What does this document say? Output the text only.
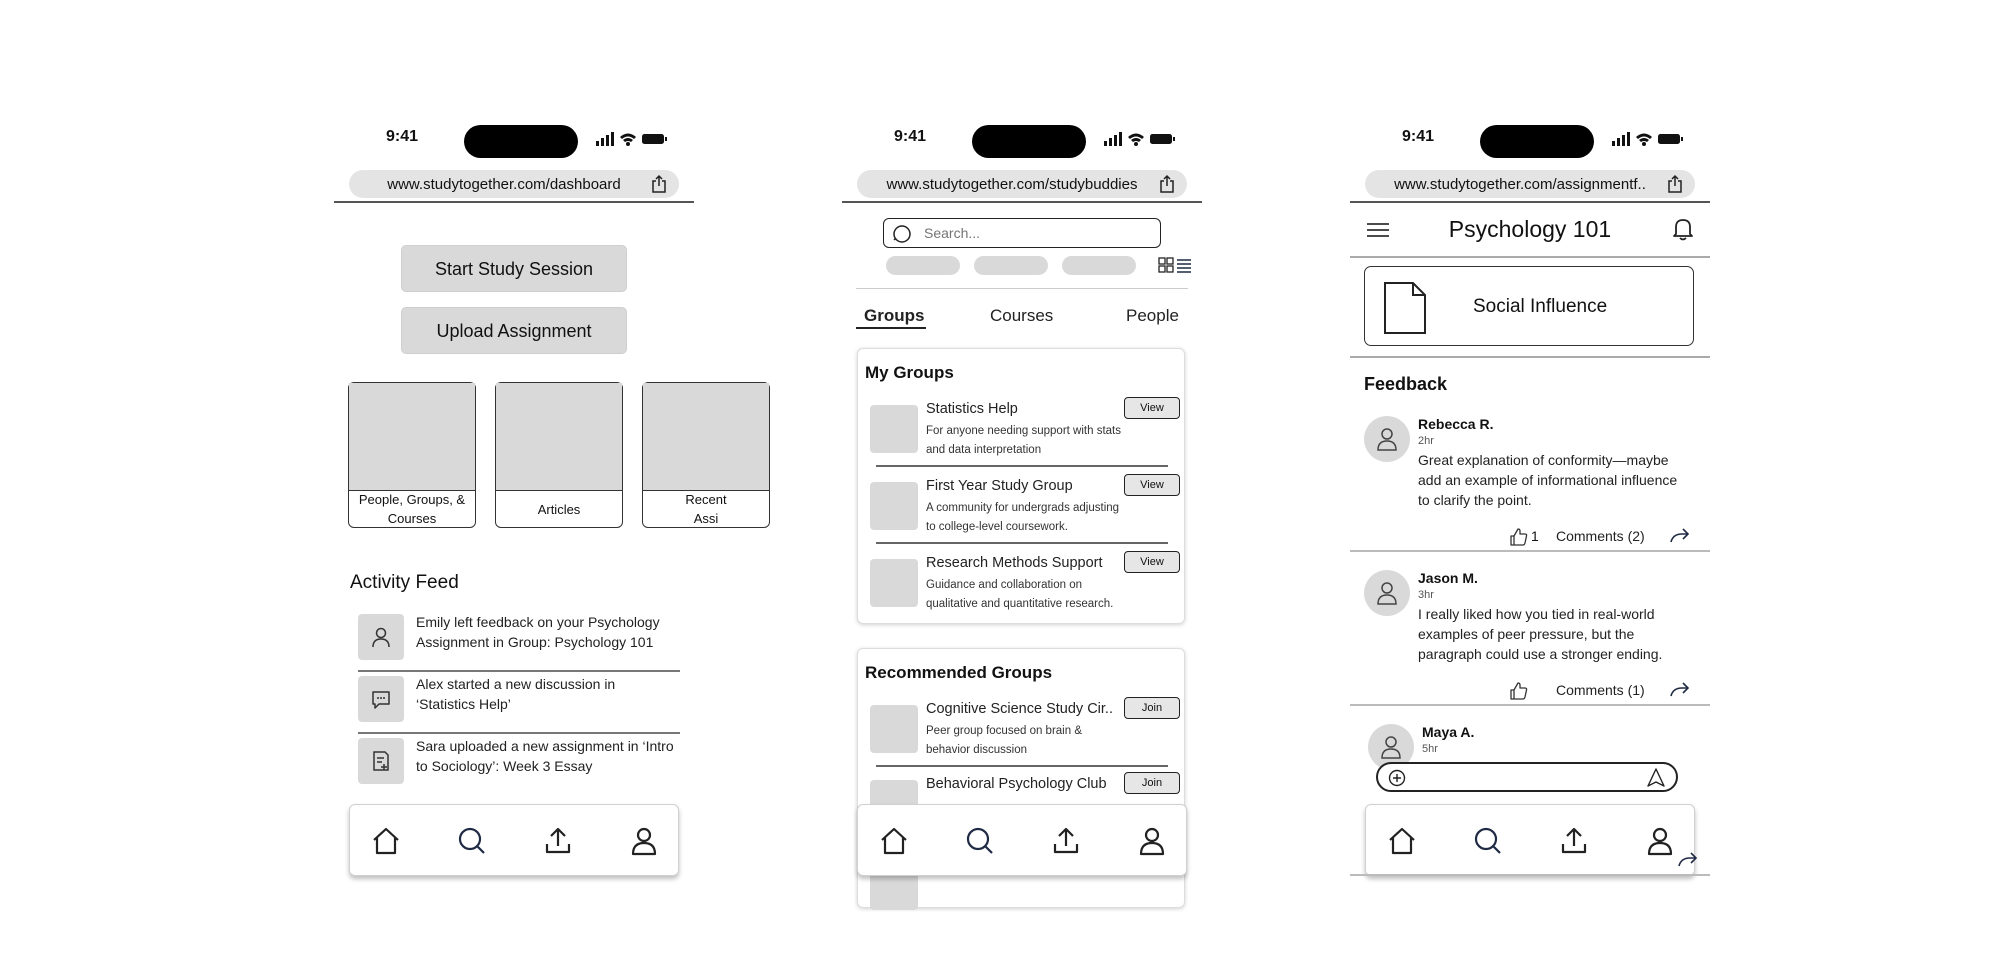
9:41
www.studytogether.com/dashboard
Start Study Session
Upload Assignment
People, Groups, &
Courses
Articles
Recent
Assi
Activity Feed
Emily left feedback on your Psychology Assignment in Group: Psychology 101
Alex started a new discussion in ‘Statistics Help’
Sara uploaded a new assignment in ‘Intro to Sociology’: Week 3 Essay
9:41
www.studytogether.com/studybuddies
Search...
Groups	Courses	People
My Groups
Statistics Help
For anyone needing support with stats and data interpretation
View
First Year Study Group
A community for undergrads adjusting to college-level coursework.
View
Research Methods Support
Guidance and collaboration on qualitative and quantitative research.
View
Recommended Groups
Cognitive Science Study Cir..
Peer group focused on brain & behavior discussion
Join
Behavioral Psychology Club	Join
9:41
www.studytogether.com/assignmentf..
Psychology 101
Social Influence
Feedback
Rebecca R.
2hr
Great explanation of conformity—maybe add an example of informational influence to clarify the point.
1 Comments (2)
Jason M.
3hr
I really liked how you tied in real-world examples of peer pressure, but the paragraph could use a stronger ending.
Comments (1)
Maya A.
5hr
